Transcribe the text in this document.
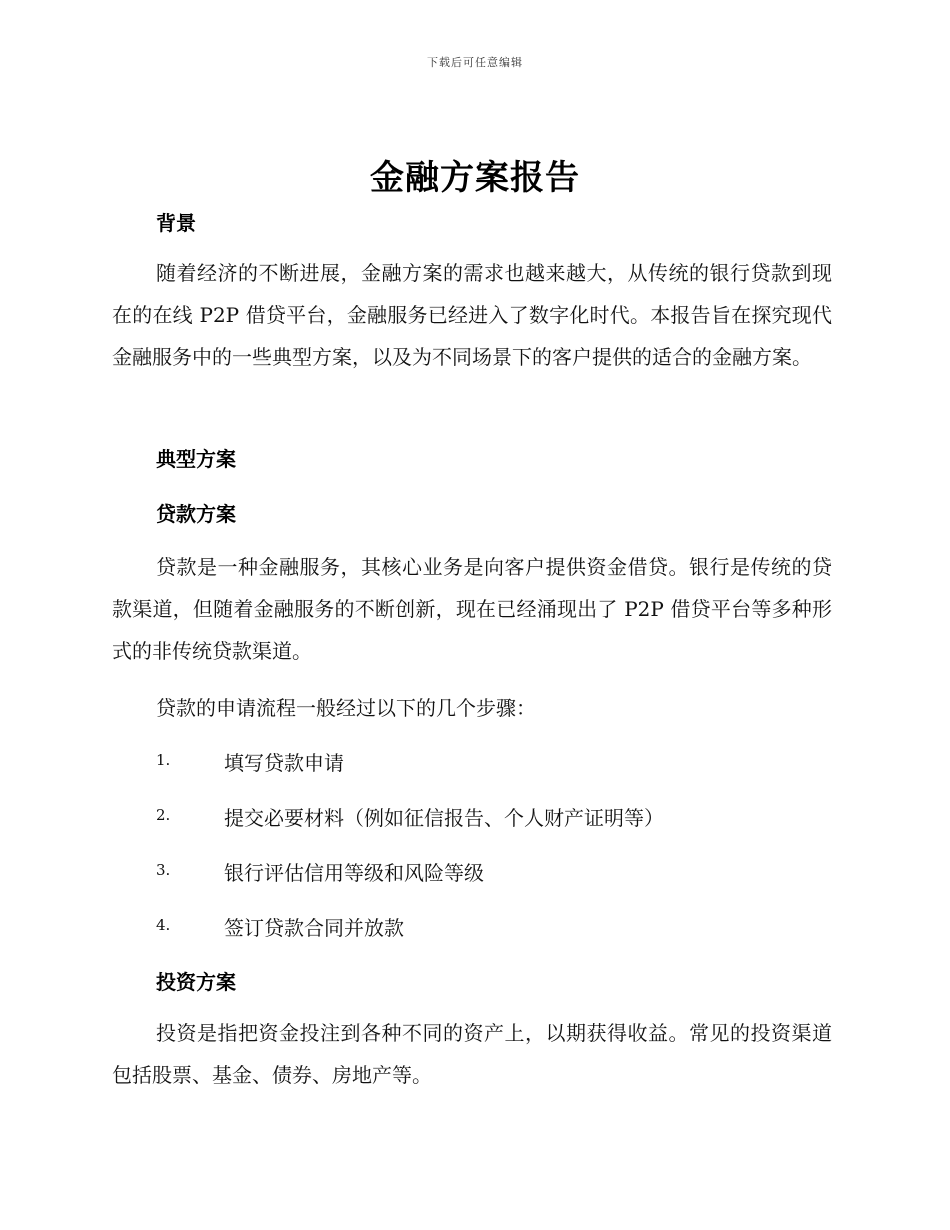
下载后可任意编辑
金融方案报告
背景

随着经济的不断进展，金融方案的需求也越来越大，从传统的银行贷款到现在的在线 P2P 借贷平台，金融服务已经进入了数字化时代。本报告旨在探究现代金融服务中的一些典型方案，以及为不同场景下的客户提供的适合的金融方案。

典型方案
贷款方案

贷款是一种金融服务，其核心业务是向客户提供资金借贷。银行是传统的贷款渠道，但随着金融服务的不断创新，现在已经涌现出了 P2P 借贷平台等多种形式的非传统贷款渠道。

贷款的申请流程一般经过以下的几个步骤：
1.	填写贷款申请
2.	提交必要材料（例如征信报告、个人财产证明等）
3.	银行评估信用等级和风险等级
4.	签订贷款合同并放款
投资方案

投资是指把资金投注到各种不同的资产上，以期获得收益。常见的投资渠道包括股票、基金、债券、房地产等。
